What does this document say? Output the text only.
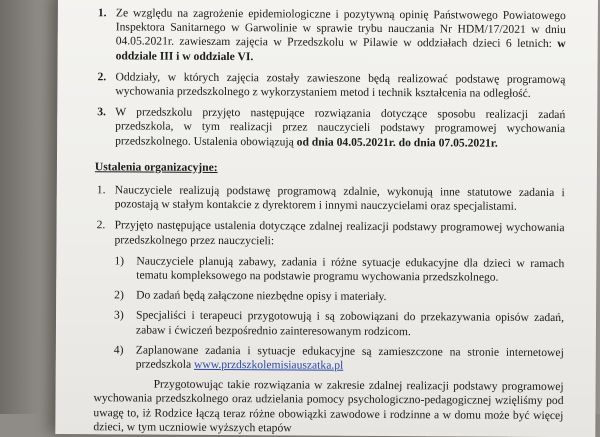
1. Ze względu na zagrożenie epidemiologiczne i pozytywną opinię Państwowego Powiatowego Inspektora Sanitarnego w Garwolinie w sprawie trybu nauczania Nr HDM/17/2021 w dniu 04.05.2021r. zawieszam zajęcia w Przedszkolu w Pilawie w oddziałach dzieci 6 letnich: w oddziale III i w oddziale VI.
2. Oddziały, w których zajęcia zostały zawieszone będą realizować podstawę programową wychowania przedszkolnego z wykorzystaniem metod i technik kształcenia na odległość.
3. W przedszkolu przyjęto następujące rozwiązania dotyczące sposobu realizacji zadań przedszkola, w tym realizacji przez nauczycieli podstawy programowej wychowania przedszkolnego. Ustalenia obowiązują od dnia 04.05.2021r. do dnia 07.05.2021r.
Ustalenia organizacyjne:
1. Nauczyciele realizują podstawę programową zdalnie, wykonują inne statutowe zadania i pozostają w stałym kontakcie z dyrektorem i innymi nauczycielami oraz specjalistami.
2. Przyjęto następujące ustalenia dotyczące zdalnej realizacji podstawy programowej wychowania przedszkolnego przez nauczycieli:
1) Nauczyciele planują zabawy, zadania i różne sytuacje edukacyjne dla dzieci w ramach tematu kompleksowego na podstawie programu wychowania przedszkolnego.
2) Do zadań będą załączone niezbędne opisy i materiały.
3) Specjaliści i terapeuci przygotowują i są zobowiązani do przekazywania opisów zadań, zabaw i ćwiczeń bezpośrednio zainteresowanym rodzicom.
4) Zaplanowane zadania i sytuacje edukacyjne są zamieszczone na stronie internetowej przedszkola www.przdszkolemisiauszatka.pl
Przygotowując takie rozwiązania w zakresie zdalnej realizacji podstawy programowej wychowania przedszkolnego oraz udzielania pomocy psychologiczno-pedagogicznej wzięliśmy pod uwagę to, iż Rodzice łączą teraz różne obowiązki zawodowe i rodzinne a w domu może być więcej dzieci, w tym uczniowie wyższych etapów
